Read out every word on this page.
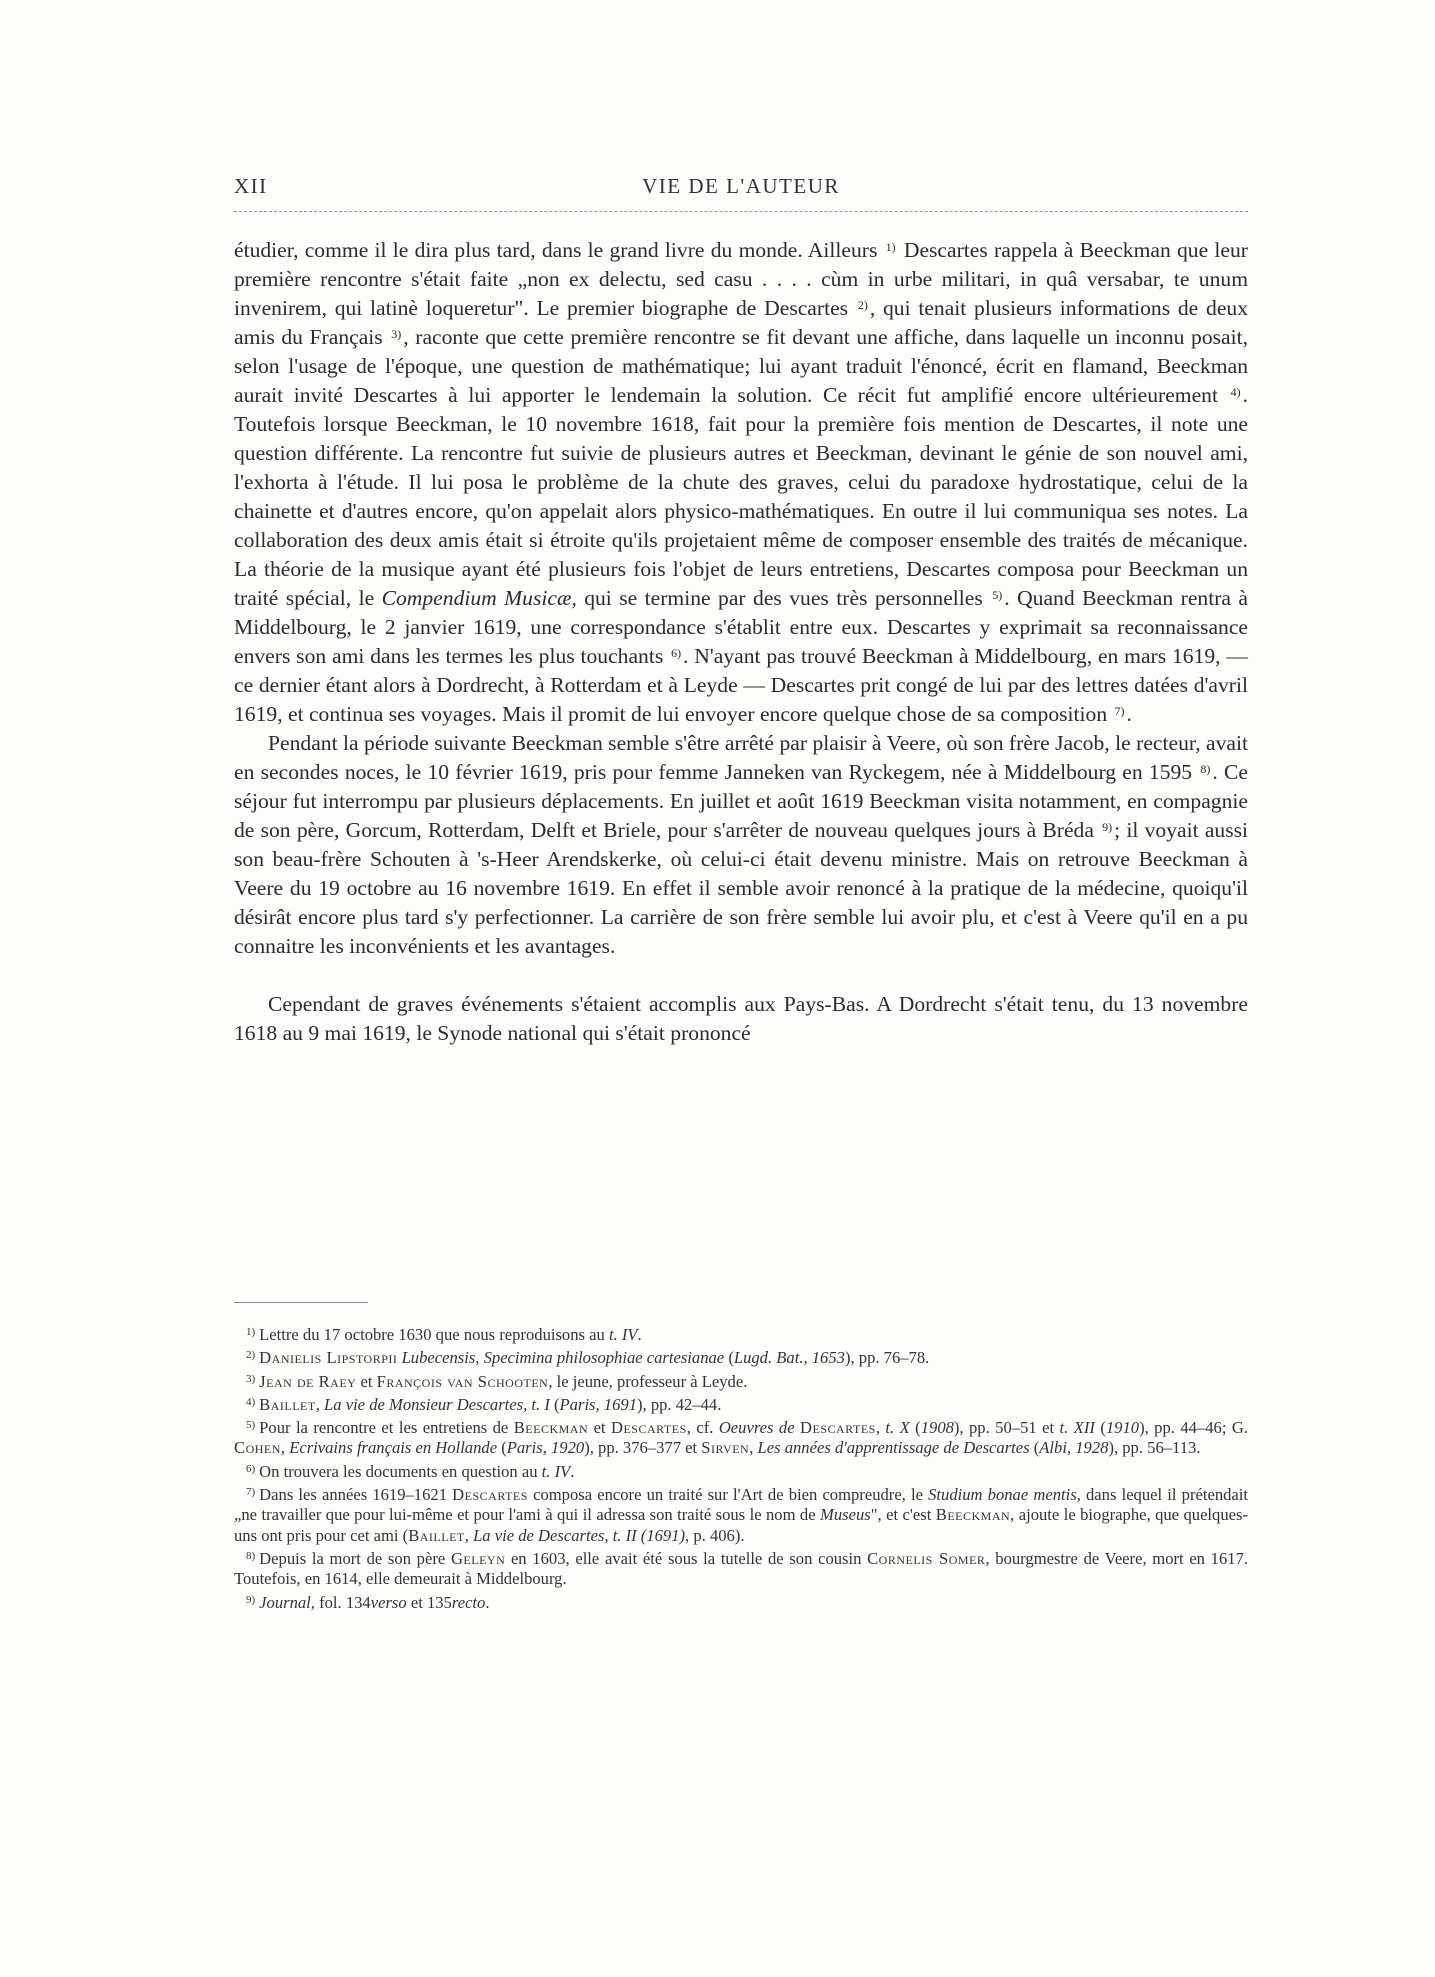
XII	VIE DE L'AUTEUR

étudier, comme il le dira plus tard, dans le grand livre du monde. Ailleurs $^{1)}$ Descartes rappela à Beeckman que leur première rencontre s'était faite „non ex delectu, sed casu . . . . cùm in urbe militari, in quâ versabar, te unum invenirem, qui latinè loqueretur". Le premier biographe de Descartes $^{2)}$, qui tenait plusieurs informations de deux amis du Français $^{3)}$, raconte que cette première rencontre se fit devant une affiche, dans laquelle un inconnu posait, selon l'usage de l'époque, une question de mathématique; lui ayant traduit l'énoncé, écrit en flamand, Beeckman aurait invité Descartes à lui apporter le lendemain la solution. Ce récit fut amplifié encore ultérieurement $^{4)}$. Toutefois lorsque Beeckman, le 10 novembre 1618, fait pour la première fois mention de Descartes, il note une question différente. La rencontre fut suivie de plusieurs autres et Beeckman, devinant le génie de son nouvel ami, l'exhorta à l'étude. Il lui posa le problème de la chute des graves, celui du paradoxe hydrostatique, celui de la chainette et d'autres encore, qu'on appelait alors physico-mathématiques. En outre il lui communiqua ses notes. La collaboration des deux amis était si étroite qu'ils projetaient même de composer ensemble des traités de mécanique. La théorie de la musique ayant été plusieurs fois l'objet de leurs entretiens, Descartes composa pour Beeckman un traité spécial, le Compendium Musicæ, qui se termine par des vues très personnelles $^{5)}$. Quand Beeckman rentra à Middelbourg, le 2 janvier 1619, une correspondance s'établit entre eux. Descartes y exprimait sa reconnaissance envers son ami dans les termes les plus touchants $^{6)}$. N'ayant pas trouvé Beeckman à Middelbourg, en mars 1619, — ce dernier étant alors à Dordrecht, à Rotterdam et à Leyde — Descartes prit congé de lui par des lettres datées d'avril 1619, et continua ses voyages. Mais il promit de lui envoyer encore quelque chose de sa composition $^{7)}$.

Pendant la période suivante Beeckman semble s'être arrêté par plaisir à Veere, où son frère Jacob, le recteur, avait en secondes noces, le 10 février 1619, pris pour femme Janneken van Ryckegem, née à Middelbourg en 1595 $^{8)}$. Ce séjour fut interrompu par plusieurs déplacements. En juillet et août 1619 Beeckman visita notamment, en compagnie de son père, Gorcum, Rotterdam, Delft et Briele, pour s'arrêter de nouveau quelques jours à Bréda $^{9)}$; il voyait aussi son beau-frère Schouten à 's-Heer Arendskerke, où celui-ci était devenu ministre. Mais on retrouve Beeckman à Veere du 19 octobre au 16 novembre 1619. En effet il semble avoir renoncé à la pratique de la médecine, quoiqu'il désirât encore plus tard s'y perfectionner. La carrière de son frère semble lui avoir plu, et c'est à Veere qu'il en a pu connaitre les inconvénients et les avantages.

Cependant de graves événements s'étaient accomplis aux Pays-Bas. A Dordrecht s'était tenu, du 13 novembre 1618 au 9 mai 1619, le Synode national qui s'était prononcé

$^{1)}$ Lettre du 17 octobre 1630 que nous reproduisons au t. IV.

$^{2)}$ Danielis Lipstorpii Lubecensis, Specimina philosophiae cartesianae (Lugd. Bat., 1653), pp. 76–78.

$^{3)}$ Jean de Raey et François van Schooten, le jeune, professeur à Leyde.

$^{4)}$ Baillet, La vie de Monsieur Descartes, t. I (Paris, 1691), pp. 42–44.

$^{5)}$ Pour la rencontre et les entretiens de Beeckman et Descartes, cf. Oeuvres de Descartes, t. X (1908), pp. 50–51 et t. XII (1910), pp. 44–46; G. Cohen, Ecrivains français en Hollande (Paris, 1920), pp. 376–377 et Sirven, Les années d'apprentissage de Descartes (Albi, 1928), pp. 56–113.

$^{6)}$ On trouvera les documents en question au t. IV.

$^{7)}$ Dans les années 1619–1621 Descartes composa encore un traité sur l'Art de bien compreudre, le Studium bonae mentis, dans lequel il prétendait „ne travailler que pour lui-même et pour l'ami à qui il adressa son traité sous le nom de Museus", et c'est Beeckman, ajoute le biographe, que quelques-uns ont pris pour cet ami (Baillet, La vie de Descartes, t. II (1691), p. 406).

$^{8)}$ Depuis la mort de son père Geleyn en 1603, elle avait été sous la tutelle de son cousin Cornelis Somer, bourgmestre de Veere, mort en 1617. Toutefois, en 1614, elle demeurait à Middelbourg.

$^{9)}$ Journal, fol. 134verso et 135recto.
